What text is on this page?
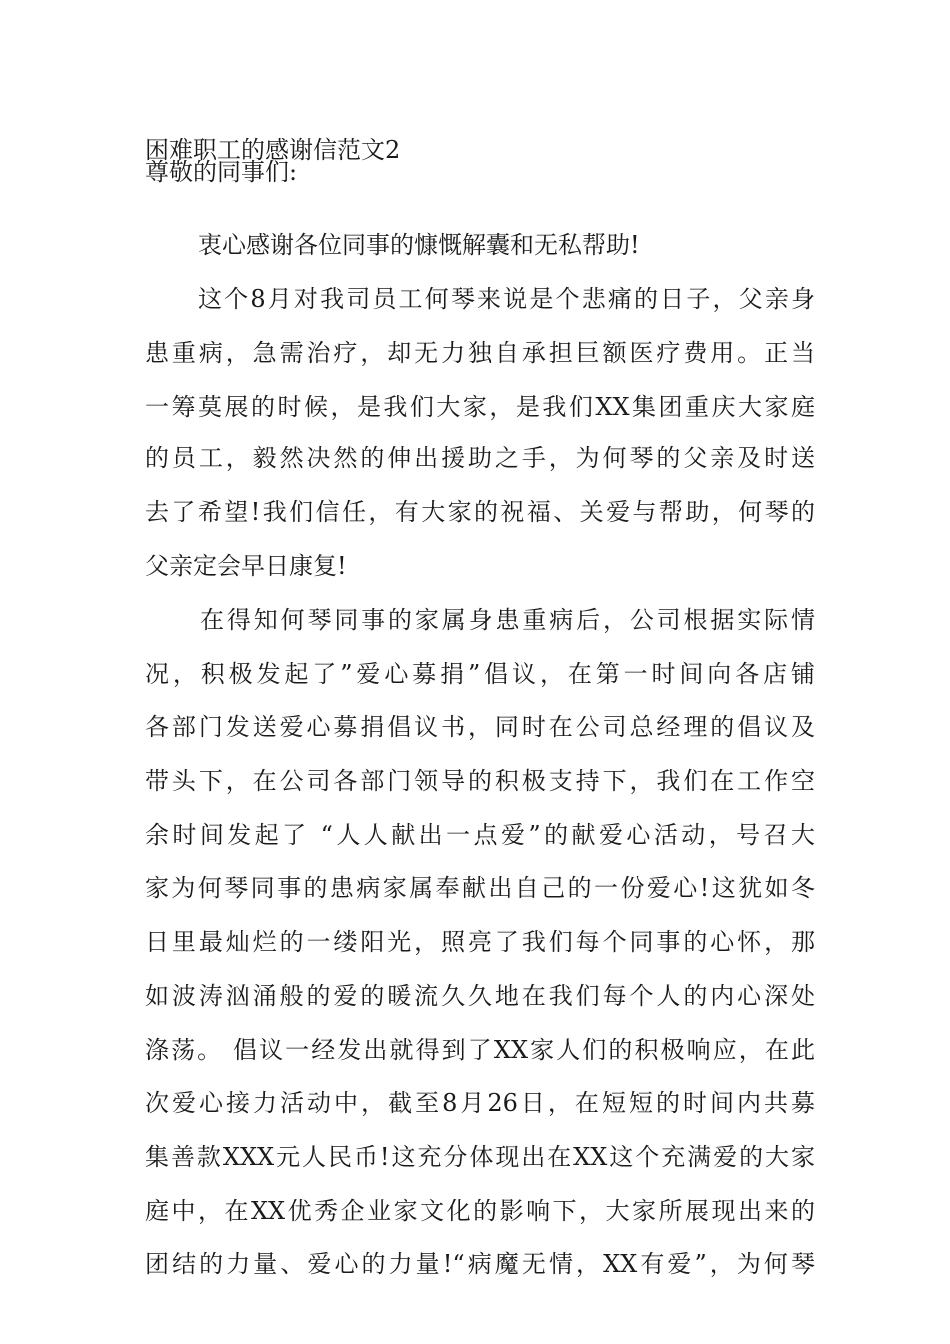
困难职工的感谢信范文2
尊敬的同事们:
衷心感谢各位同事的慷慨解囊和无私帮助!
这个8月对我司员工何琴来说是个悲痛的日子，父亲身
患重病，急需治疗，却无力独自承担巨额医疗费用。正当
一筹莫展的时候，是我们大家，是我们XX集团重庆大家庭
的员工，毅然决然的伸出援助之手，为何琴的父亲及时送
去了希望!我们信任，有大家的祝福、关爱与帮助，何琴的
父亲定会早日康复!
在得知何琴同事的家属身患重病后，公司根据实际情
况，积极发起了”爱心募捐”倡议，在第一时间向各店铺
各部门发送爱心募捐倡议书，同时在公司总经理的倡议及
带头下，在公司各部门领导的积极支持下，我们在工作空
余时间发起了 “人人献出一点爱”的献爱心活动，号召大
家为何琴同事的患病家属奉献出自己的一份爱心!这犹如冬
日里最灿烂的一缕阳光，照亮了我们每个同事的心怀，那
如波涛汹涌般的爱的暖流久久地在我们每个人的内心深处
涤荡。 倡议一经发出就得到了XX家人们的积极响应，在此
次爱心接力活动中，截至8月26日，在短短的时间内共募
集善款XXX元人民币!这充分体现出在XX这个充满爱的大家
庭中，在XX优秀企业家文化的影响下，大家所展现出来的
团结的力量、爱心的力量!“病魔无情，XX有爱”，为何琴
